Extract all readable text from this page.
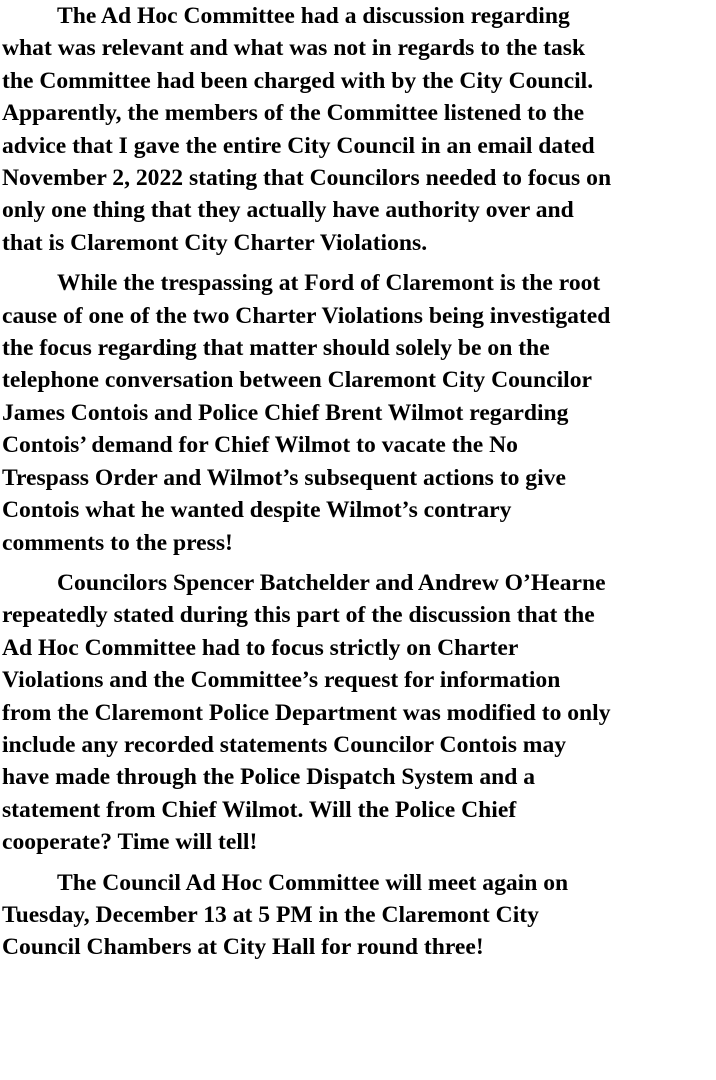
The Ad Hoc Committee had a discussion regarding
what was relevant and what was not in regards to the task
the Committee had been charged with by the City Council.
Apparently, the members of the Committee listened to the
advice that I gave the entire City Council in an email dated
November 2, 2022 stating that Councilors needed to focus on
only one thing that they actually have authority over and
that is Claremont City Charter Violations.
While the trespassing at Ford of Claremont is the root
cause of one of the two Charter Violations being investigated
the focus regarding that matter should solely be on the
telephone conversation between Claremont City Councilor
James Contois and Police Chief Brent Wilmot regarding
Contois’ demand for Chief Wilmot to vacate the No
Trespass Order and Wilmot’s subsequent actions to give
Contois what he wanted despite Wilmot’s contrary
comments to the press!
Councilors Spencer Batchelder and Andrew O’Hearne
repeatedly stated during this part of the discussion that the
Ad Hoc Committee had to focus strictly on Charter
Violations and the Committee’s request for information
from the Claremont Police Department was modified to only
include any recorded statements Councilor Contois may
have made through the Police Dispatch System and a
statement from Chief Wilmot. Will the Police Chief
cooperate? Time will tell!
The Council Ad Hoc Committee will meet again on
Tuesday, December 13 at 5 PM in the Claremont City
Council Chambers at City Hall for round three!
